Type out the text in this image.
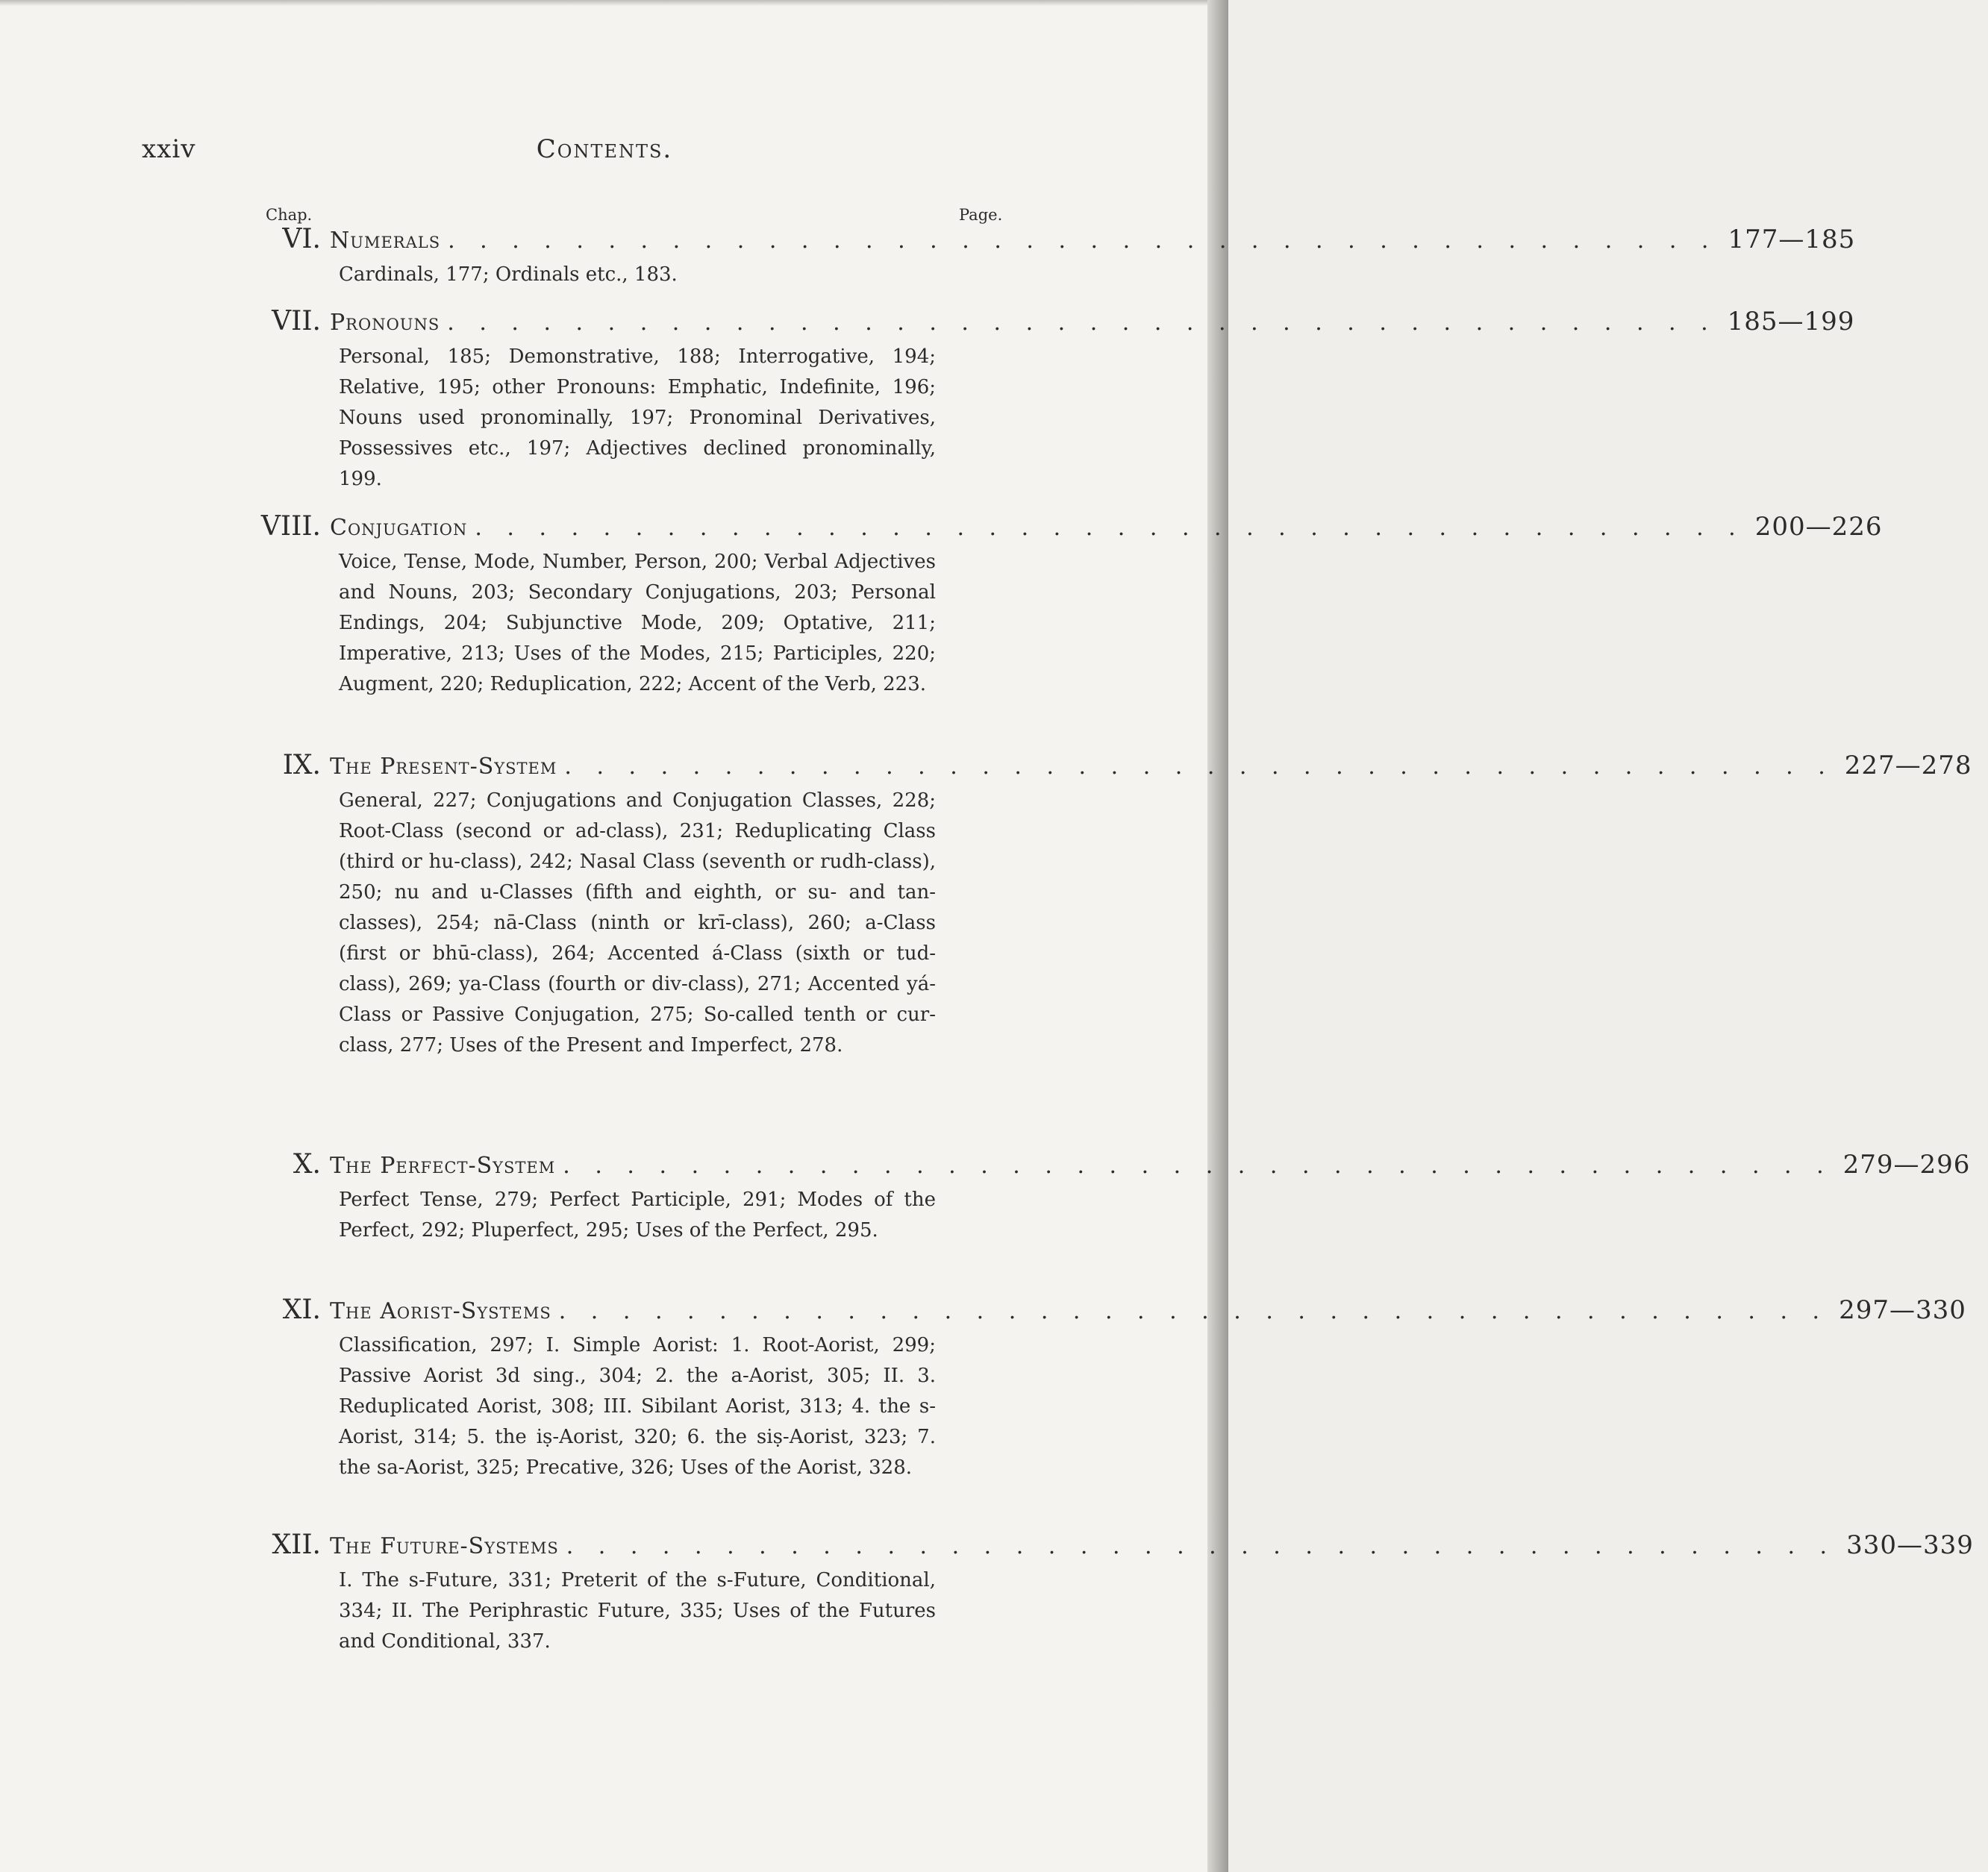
xxiv	Contents.
Chap.	Page.
VI. Numerals . . . . . . . . . . . . . . . . . . . . . . . . . . . . . . . . . . . . . . . . 177—185
Cardinals, 177; Ordinals etc., 183.
VII. Pronouns . . . . . . . . . . . . . . . . . . . . . . . . . . . . . . . . . . . . . . . . 185—199
Personal, 185; Demonstrative, 188; Interrogative, 194; Relative, 195; other Pronouns: Emphatic, Indefinite, 196; Nouns used pronominally, 197; Pronominal Derivatives, Possessives etc., 197; Adjectives declined pronominally, 199.
VIII. Conjugation . . . . . . . . . . . . . . . . . . . . . . . . . . . . . . . . . . . . . . . . 200—226
Voice, Tense, Mode, Number, Person, 200; Verbal Adjectives and Nouns, 203; Secondary Conjugations, 203; Personal Endings, 204; Subjunctive Mode, 209; Optative, 211; Imperative, 213; Uses of the Modes, 215; Participles, 220; Augment, 220; Reduplication, 222; Accent of the Verb, 223.
IX. The Present-System . . . . . . . . . . . . . . . . . . . . . . . . . . . . . . . . . . . . . . . . 227—278
General, 227; Conjugations and Conjugation Classes, 228; Root-Class (second or ad-class), 231; Reduplicating Class (third or hu-class), 242; Nasal Class (seventh or rudh-class), 250; nu and u-Classes (fifth and eighth, or su- and tan-classes), 254; nā-Class (ninth or krī-class), 260; a-Class (first or bhū-class), 264; Accented á-Class (sixth or tud-class), 269; ya-Class (fourth or div-class), 271; Accented yá-Class or Passive Conjugation, 275; So-called tenth or cur-class, 277; Uses of the Present and Imperfect, 278.
X. The Perfect-System . . . . . . . . . . . . . . . . . . . . . . . . . . . . . . . . . . . . . . . . 279—296
Perfect Tense, 279; Perfect Participle, 291; Modes of the Perfect, 292; Pluperfect, 295; Uses of the Perfect, 295.
XI. The Aorist-Systems . . . . . . . . . . . . . . . . . . . . . . . . . . . . . . . . . . . . . . . . 297—330
Classification, 297; I. Simple Aorist: 1. Root-Aorist, 299; Passive Aorist 3d sing., 304; 2. the a-Aorist, 305; II. 3. Reduplicated Aorist, 308; III. Sibilant Aorist, 313; 4. the s-Aorist, 314; 5. the iṣ-Aorist, 320; 6. the siṣ-Aorist, 323; 7. the sa-Aorist, 325; Precative, 326; Uses of the Aorist, 328.
XII. The Future-Systems . . . . . . . . . . . . . . . . . . . . . . . . . . . . . . . . . . . . . . . . 330—339
I. The s-Future, 331; Preterit of the s-Future, Conditional, 334; II. The Periphrastic Future, 335; Uses of the Futures and Conditional, 337.
